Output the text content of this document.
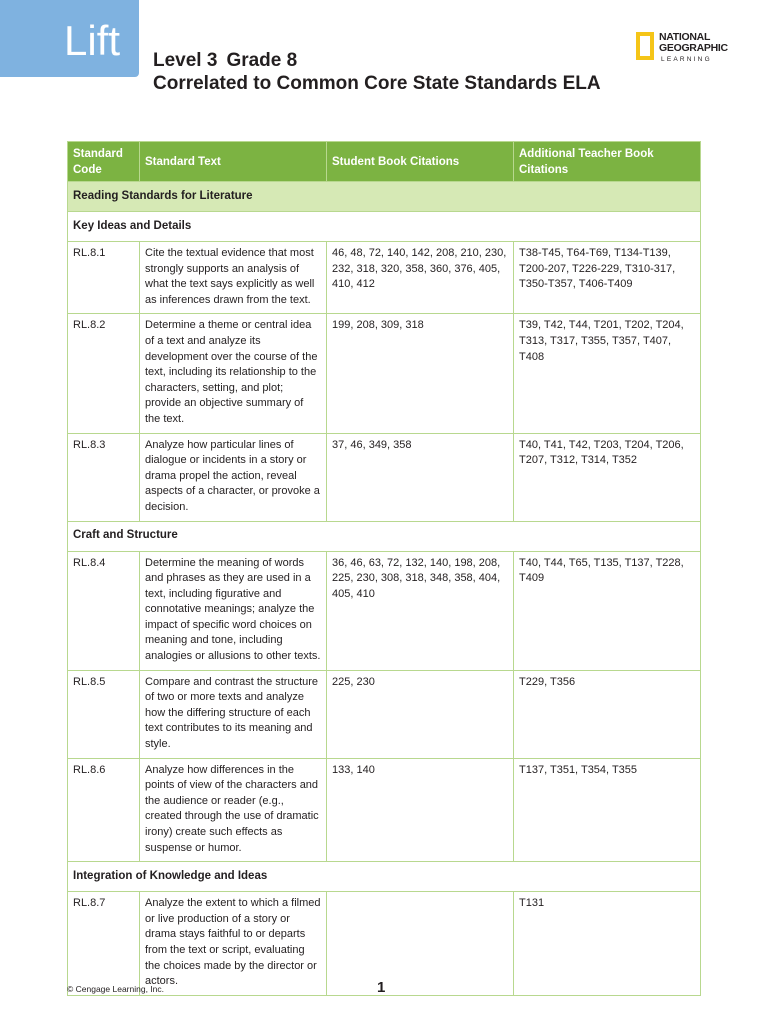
Lift Level 3 Grade 8
Correlated to Common Core State Standards ELA
NATIONAL
GEOGRAPHIC
LEARNING
Standard Code	Standard Text	Student Book Citations	Additional Teacher Book Citations
Reading Standards for Literature			
Key Ideas and Details			
RL.8.1	Cite the textual evidence that most strongly supports an analysis of what the text says explicitly as well as inferences drawn from the text.	46, 48, 72, 140, 142, 208, 210, 230, 232, 318, 320, 358, 360, 376, 405, 410, 412	T38-T45, T64-T69, T134-T139, T200-207, T226-229, T310-317, T350-T357, T406-T409
RL.8.2	Determine a theme or central idea of a text and analyze its development over the course of the text, including its relationship to the characters, setting, and plot; provide an objective summary of the text.	199, 208, 309, 318	T39, T42, T44, T201, T202, T204, T313, T317, T355, T357, T407, T408
RL.8.3	Analyze how particular lines of dialogue or incidents in a story or drama propel the action, reveal aspects of a character, or provoke a decision.	37, 46, 349, 358	T40, T41, T42, T203, T204, T206, T207, T312, T314, T352
Craft and Structure			
RL.8.4	Determine the meaning of words and phrases as they are used in a text, including figurative and connotative meanings; analyze the impact of specific word choices on meaning and tone, including analogies or allusions to other texts.	36, 46, 63, 72, 132, 140, 198, 208, 225, 230, 308, 318, 348, 358, 404, 405, 410	T40, T44, T65, T135, T137, T228, T409
RL.8.5	Compare and contrast the structure of two or more texts and analyze how the differing structure of each text contributes to its meaning and style.	225, 230	T229, T356
RL.8.6	Analyze how differences in the points of view of the characters and the audience or reader (e.g., created through the use of dramatic irony) create such effects as suspense or humor.	133, 140	T137, T351, T354, T355
Integration of Knowledge and Ideas			
RL.8.7	Analyze the extent to which a filmed or live production of a story or drama stays faithful to or departs from the text or script, evaluating the choices made by the director or actors.		T131
© Cengage Learning, Inc.	1
